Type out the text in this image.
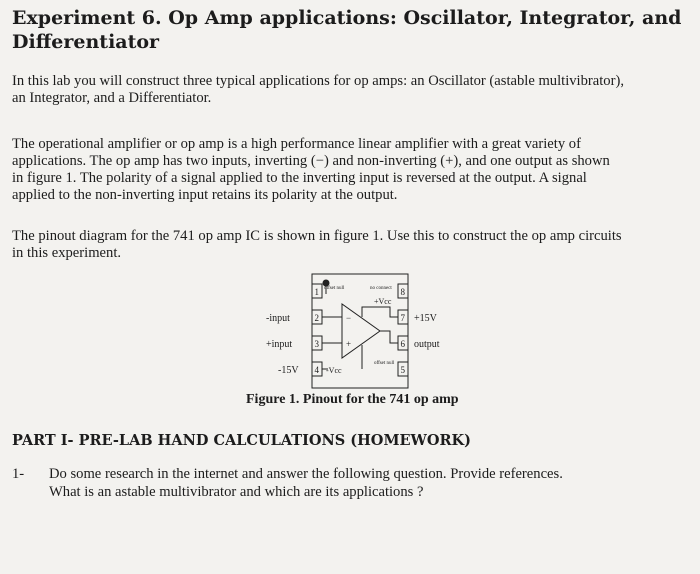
Experiment 6. Op Amp applications: Oscillator, Integrator, and
Differentiator
In this lab you will construct three typical applications for op amps: an Oscillator (astable multivibrator),
an Integrator, and a Differentiator.
The operational amplifier or op amp is a high performance linear amplifier with a great variety of
applications. The op amp has two inputs, inverting (−) and non-inverting (+), and one output as shown
in figure 1. The polarity of a signal applied to the inverting input is reversed at the output. A signal
applied to the non-inverting input retains its polarity at the output.
The pinout diagram for the 741 op amp IC is shown in figure 1. Use this to construct the op amp circuits
in this experiment.
1
2
3
4
8
7
6
5
offset null	no connect
+Vcc
+15V
-input
+input	output
-15V	-Vcc
offset null
−
+
Figure 1. Pinout for the 741 op amp
PART I- PRE-LAB HAND CALCULATIONS (HOMEWORK)
1- Do some research in the internet and answer the following question. Provide references.
What is an astable multivibrator and which are its applications ?
